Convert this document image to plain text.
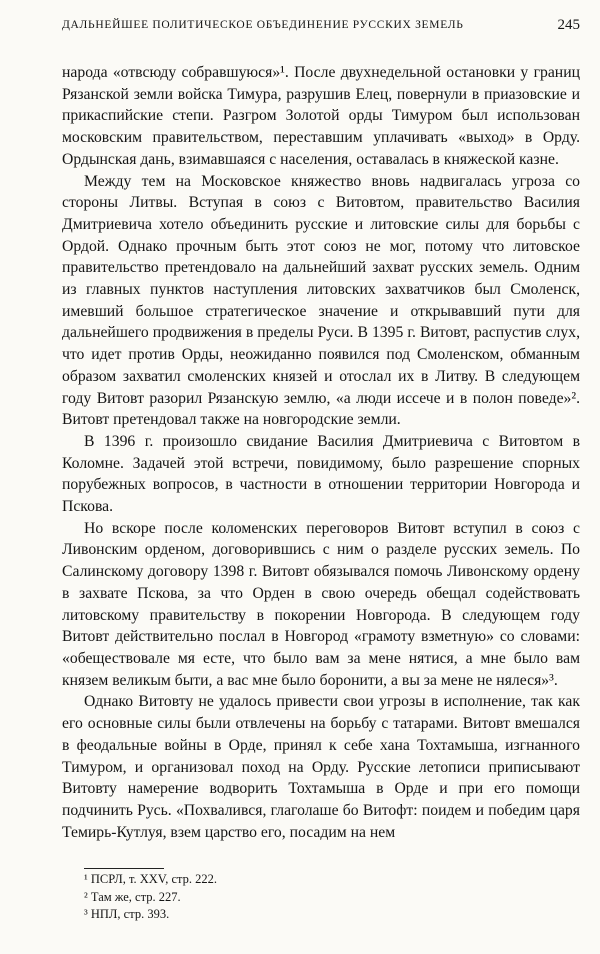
ДАЛЬНЕЙШЕЕ ПОЛИТИЧЕСКОЕ ОБЪЕДИНЕНИЕ РУССКИХ ЗЕМЕЛЬ	245

народа «отвсюду собравшуюся»¹. После двухнедельной остановки у границ Рязанской земли войска Тимура, разрушив Елец, повернули в приазовские и прикаспийские степи. Разгром Золотой орды Тимуром был использован московским правительством, переставшим уплачивать «выход» в Орду. Ордынская дань, взимавшаяся с населения, оставалась в княжеской казне.

Между тем на Московское княжество вновь надвигалась угроза со стороны Литвы. Вступая в союз с Витовтом, правительство Василия Дмитриевича хотело объединить русские и литовские силы для борьбы с Ордой. Однако прочным быть этот союз не мог, потому что литовское правительство претендовало на дальнейший захват русских земель. Одним из главных пунктов наступления литовских захватчиков был Смоленск, имевший большое стратегическое значение и открывавший пути для дальнейшего продвижения в пределы Руси. В 1395 г. Витовт, распустив слух, что идет против Орды, неожиданно появился под Смоленском, обманным образом захватил смоленских князей и отослал их в Литву. В следующем году Витовт разорил Рязанскую землю, «а люди иссече и в полон поведе»². Витовт претендовал также на новгородские земли.

В 1396 г. произошло свидание Василия Дмитриевича с Витовтом в Коломне. Задачей этой встречи, повидимому, было разрешение спорных порубежных вопросов, в частности в отношении территории Новгорода и Пскова.

Но вскоре после коломенских переговоров Витовт вступил в союз с Ливонским орденом, договорившись с ним о разделе русских земель. По Салинскому договору 1398 г. Витовт обязывался помочь Ливонскому ордену в захвате Пскова, за что Орден в свою очередь обещал содействовать литовскому правительству в покорении Новгорода. В следующем году Витовт действительно послал в Новгород «грамоту взметную» со словами: «обеществовале мя есте, что было вам за мене нятися, а мне было вам князем великым быти, а вас мне было боронити, а вы за мене не нялеся»³.

Однако Витовту не удалось привести свои угрозы в исполнение, так как его основные силы были отвлечены на борьбу с татарами. Витовт вмешался в феодальные войны в Орде, принял к себе хана Тохтамыша, изгнанного Тимуром, и организовал поход на Орду. Русские летописи приписывают Витовту намерение водворить Тохтамыша в Орде и при его помощи подчинить Русь. «Похвалився, глаголаше бо Витофт: поидем и победим царя Темирь-Кутлуя, взем царство его, посадим на нем

¹ ПСРЛ, т. XXV, стр. 222.
² Там же, стр. 227.
³ НПЛ, стр. 393.
